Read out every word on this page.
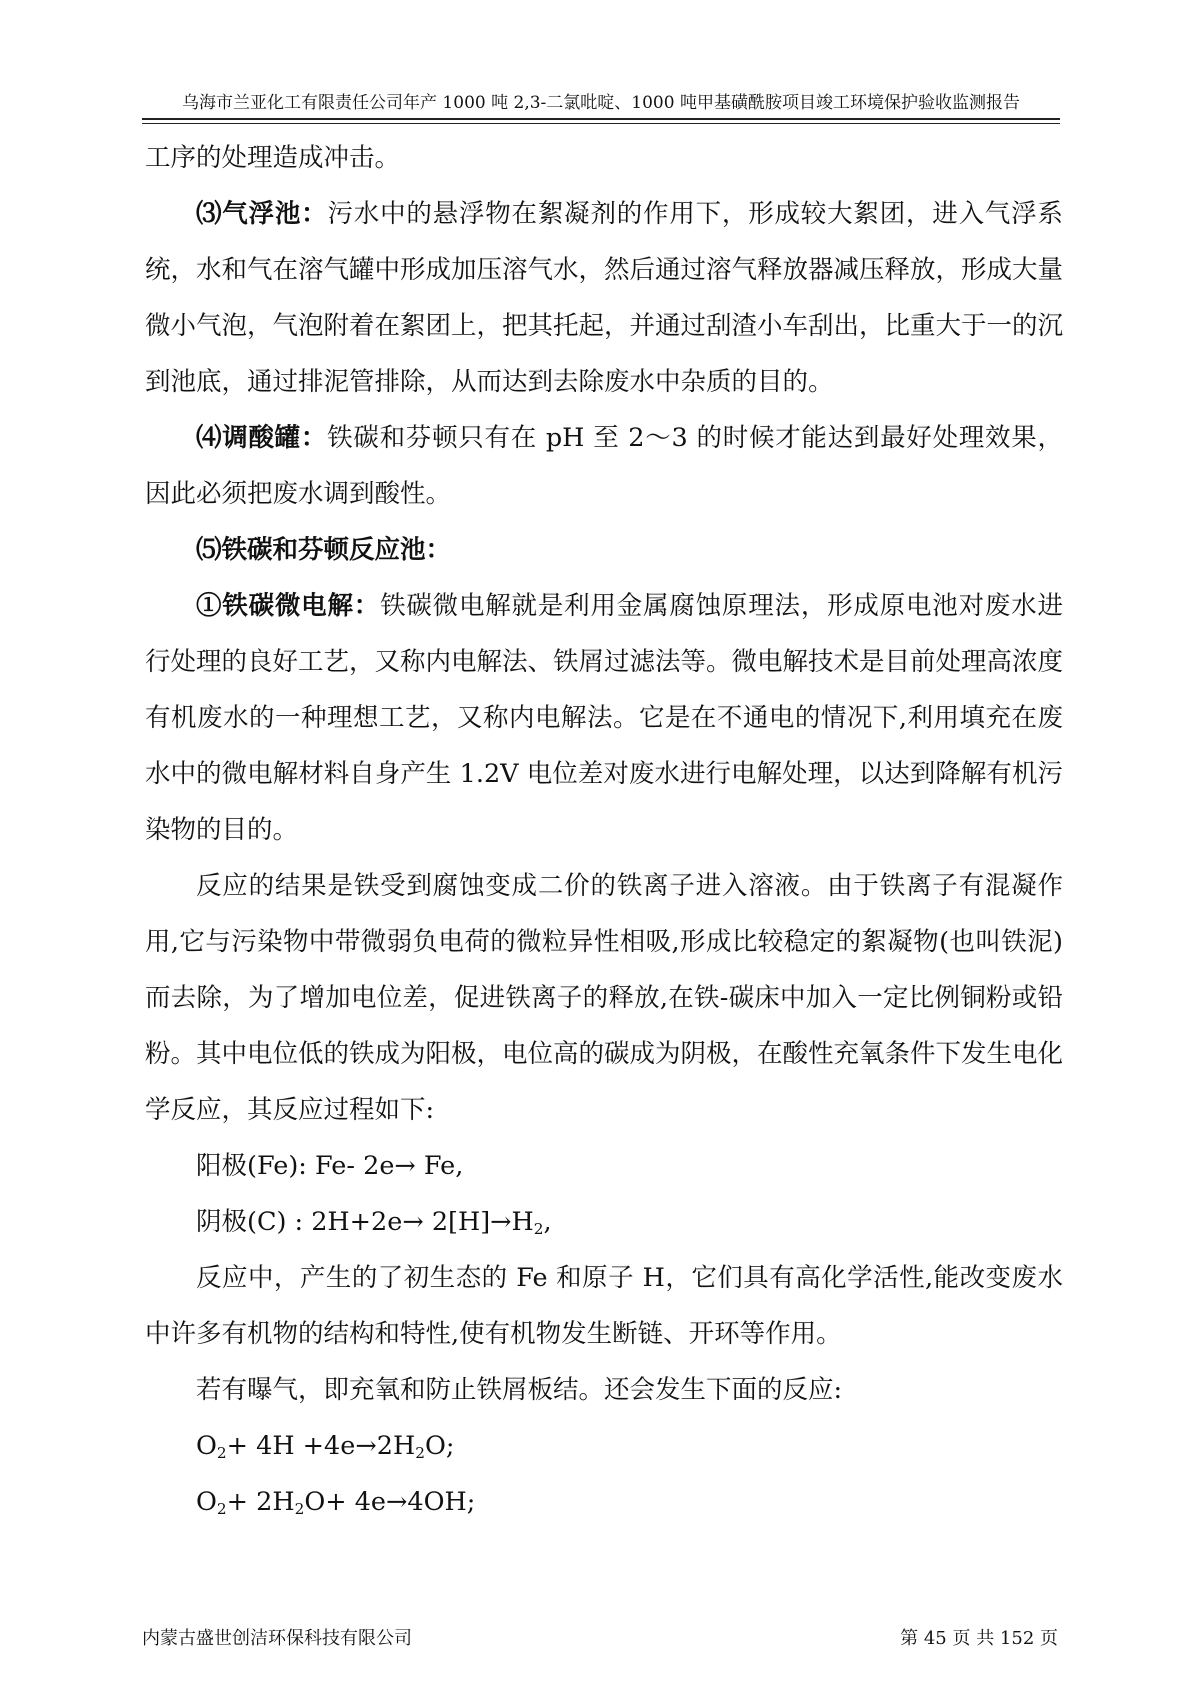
乌海市兰亚化工有限责任公司年产 1000 吨 2,3-二氯吡啶、1000 吨甲基磺酰胺项目竣工环境保护验收监测报告

工序的处理造成冲击。

⑶气浮池：污水中的悬浮物在絮凝剂的作用下，形成较大絮团，进入气浮系统，水和气在溶气罐中形成加压溶气水，然后通过溶气释放器减压释放，形成大量微小气泡，气泡附着在絮团上，把其托起，并通过刮渣小车刮出，比重大于一的沉到池底，通过排泥管排除，从而达到去除废水中杂质的目的。

⑷调酸罐：铁碳和芬顿只有在 pH 至 2～3 的时候才能达到最好处理效果，因此必须把废水调到酸性。

⑸铁碳和芬顿反应池：

①铁碳微电解：铁碳微电解就是利用金属腐蚀原理法，形成原电池对废水进行处理的良好工艺，又称内电解法、铁屑过滤法等。微电解技术是目前处理高浓度有机废水的一种理想工艺，又称内电解法。它是在不通电的情况下,利用填充在废水中的微电解材料自身产生 1.2V 电位差对废水进行电解处理，以达到降解有机污染物的目的。

反应的结果是铁受到腐蚀变成二价的铁离子进入溶液。由于铁离子有混凝作用,它与污染物中带微弱负电荷的微粒异性相吸,形成比较稳定的絮凝物(也叫铁泥)而去除，为了增加电位差，促进铁离子的释放,在铁-碳床中加入一定比例铜粉或铅粉。其中电位低的铁成为阳极，电位高的碳成为阴极，在酸性充氧条件下发生电化学反应，其反应过程如下:

阳极(Fe): Fe- 2e→ Fe,

阴极(C) : $2H+2e\to 2[H]\to H_2$,

反应中，产生的了初生态的 Fe 和原子 H，它们具有高化学活性,能改变废水中许多有机物的结构和特性,使有机物发生断链、开环等作用。

若有曝气，即充氧和防止铁屑板结。还会发生下面的反应:

$O_2+ 4H +4e\to 2H_2O$;

$O_2+ 2H_2O+ 4e\to 4OH$;

内蒙古盛世创洁环保科技有限公司	第 45 页 共 152 页
